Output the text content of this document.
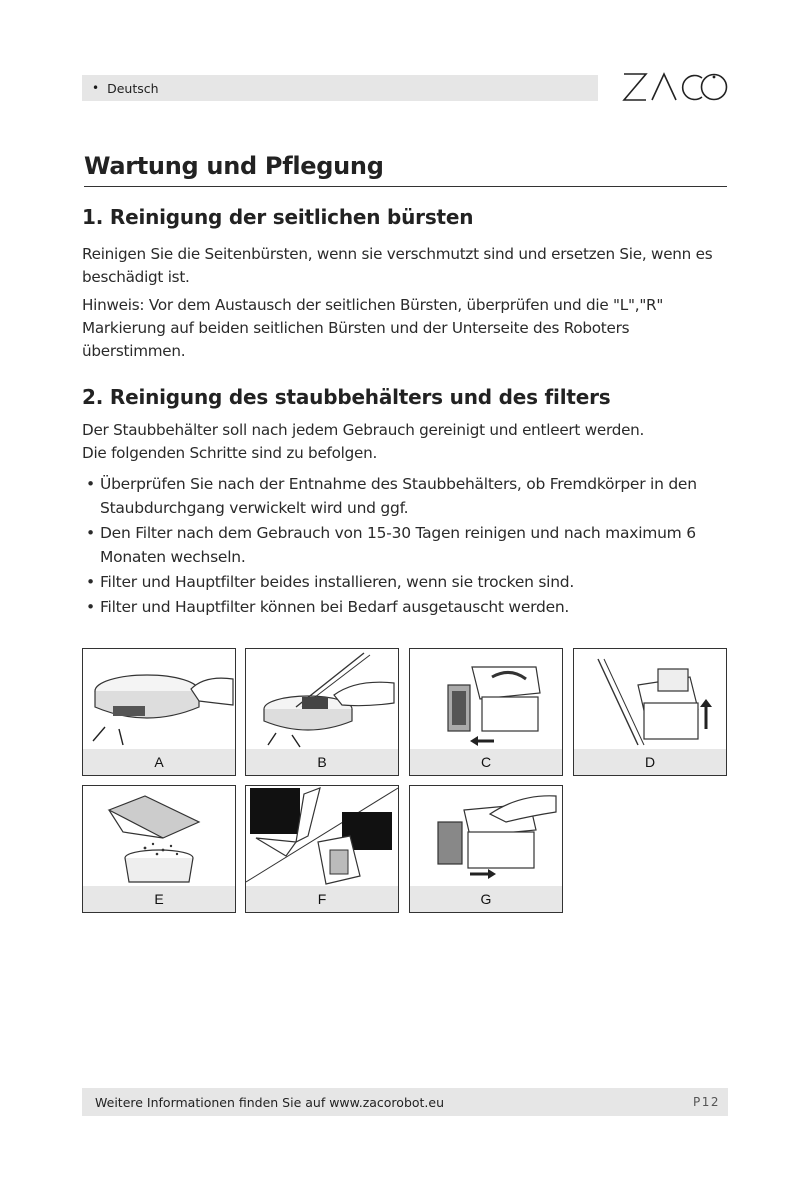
• Deutsch
Wartung und Pflegung
1. Reinigung der seitlichen bürsten

Reinigen Sie die Seitenbürsten, wenn sie verschmutzt sind und ersetzen Sie, wenn es beschädigt ist.

Hinweis: Vor dem Austausch der seitlichen Bürsten, überprüfen und die "L","R" Markierung auf beiden seitlichen Bürsten und der Unterseite des Roboters überstimmen.

2. Reinigung des staubbehälters und des filters

Der Staubbehälter soll nach jedem Gebrauch gereinigt und entleert werden. Die folgenden Schritte sind zu befolgen.

• Überprüfen Sie nach der Entnahme des Staubbehälters, ob Fremdkörper in den Staubdurchgang verwickelt wird und ggf.
• Den Filter nach dem Gebrauch von 15-30 Tagen reinigen und nach maximum 6 Monaten wechseln.
• Filter und Hauptfilter beides installieren, wenn sie trocken sind.
• Filter und Hauptfilter können bei Bedarf ausgetauscht werden.
A	B	C	D
E	F	G
Weitere Informationen finden Sie auf www.zacorobot.eu	P12
